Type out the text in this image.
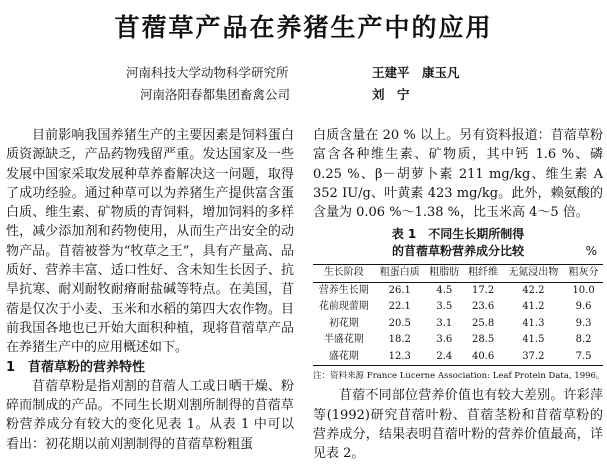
苜蓿草产品在养猪生产中的应用
河南科技大学动物科学研究所	王建平　康玉凡
河南洛阳春都集团畜禽公司	刘　宁

目前影响我国养猪生产的主要因素是饲料蛋白质资源缺乏，产品药物残留严重。发达国家及一些发展中国家采取发展种草养畜解决这一问题，取得了成功经验。通过种草可以为养猪生产提供富含蛋白质、维生素、矿物质的青饲料，增加饲料的多样性，减少添加剂和药物使用，从而生产出安全的动物产品。苜蓿被誉为“牧草之王”，具有产量高、品质好、营养丰富、适口性好、含未知生长因子、抗旱抗寒、耐刈耐牧耐瘠耐盐碱等特点。在美国，苜蓿是仅次于小麦、玉米和水稻的第四大农作物。目前我国各地也已开始大面积种植，现将苜蓿草产品在养猪生产中的应用概述如下。

1　苜蓿草粉的营养特性

苜蓿草粉是指刈割的苜蓿人工或日晒干燥、粉碎而制成的产品。不同生长期刈割所制得的苜蓿草粉营养成分有较大的变化见表 1。从表 1 中可以看出：初花期以前刈割制得的苜蓿草粉粗蛋

白质含量在 20 % 以上。另有资料报道：苜蓿草粉富含各种维生素、矿物质，其中钙 1.6 %、磷 0.25 %、β－胡萝卜素 211 mg/kg、维生素 A 352 IU/g、叶黄素 423 mg/kg。此外，赖氨酸的含量为 0.06 %～1.38 %，比玉米高 4～5 倍。

表 1　不同生长期所制得
的苜蓿草粉营养成分比较	%
生长阶段	粗蛋白质	粗脂肪	粗纤维	无氮浸出物	粗灰分
营养生长期	26.1	4.5	17.2	42.2	10.0
花前现蕾期	22.1	3.5	23.6	41.2	9.6
初花期	20.5	3.1	25.8	41.3	9.3
半盛花期	18.2	3.6	28.5	41.5	8.2
盛花期	12.3	2.4	40.6	37.2	7.5
注：资料来源 France Lucerne Association: Leaf Protein Data, 1996。

苜蓿不同部位营养价值也有较大差别。许彩萍等(1992)研究苜蓿叶粉、苜蓿茎粉和苜蓿草粉的营养成分，结果表明苜蓿叶粉的营养价值最高，详见表 2。
